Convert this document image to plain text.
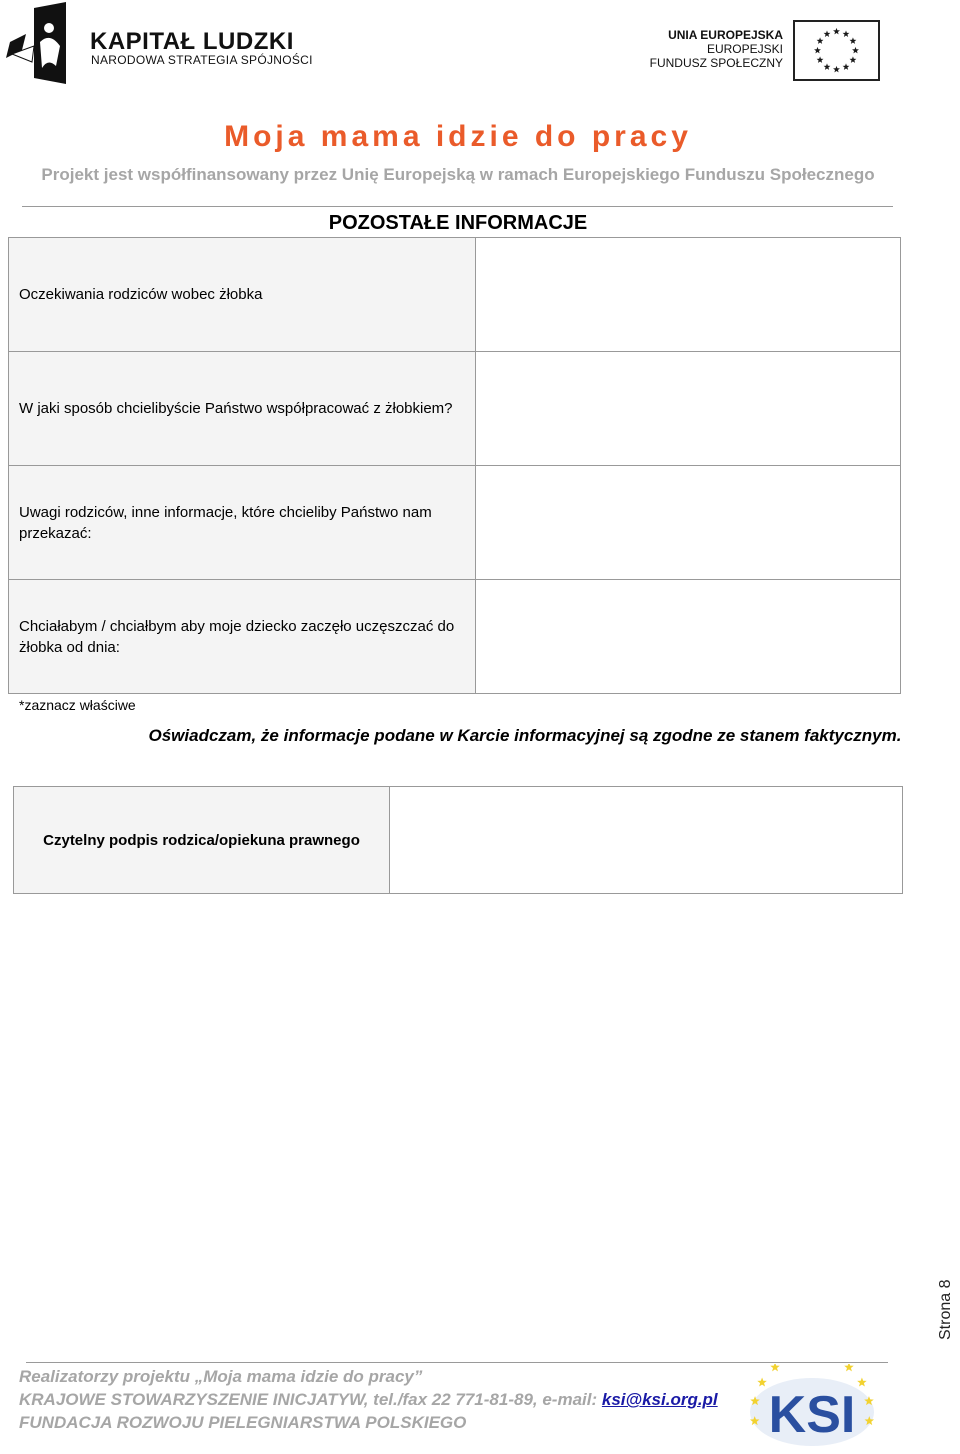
KAPITAŁ LUDZKI
NARODOWA STRATEGIA SPÓJNOŚCI
UNIA EUROPEJSKA
EUROPEJSKI
FUNDUSZ SPOŁECZNY
Moja mama idzie do pracy
Projekt jest współfinansowany przez Unię Europejską w ramach Europejskiego Funduszu Społecznego
POZOSTAŁE INFORMACJE
Oczekiwania rodziców wobec żłobka	
W jaki sposób chcielibyście Państwo współpracować z żłobkiem?	
Uwagi rodziców, inne informacje, które chcieliby Państwo nam przekazać:	
Chciałabym / chciałbym aby moje dziecko zaczęło uczęszczać do żłobka od dnia:	
*zaznacz właściwe
Oświadczam, że informacje podane w Karcie informacyjnej są zgodne ze stanem faktycznym.
Czytelny podpis rodzica/opiekuna prawnego	
Strona 8
Realizatorzy projektu „Moja mama idzie do pracy”
KRAJOWE STOWARZYSZENIE INICJATYW, tel./fax 22 771-81-89, e-mail: ksi@ksi.org.pl
FUNDACJA ROZWOJU PIELEGNIARSTWA POLSKIEGO	KSI
